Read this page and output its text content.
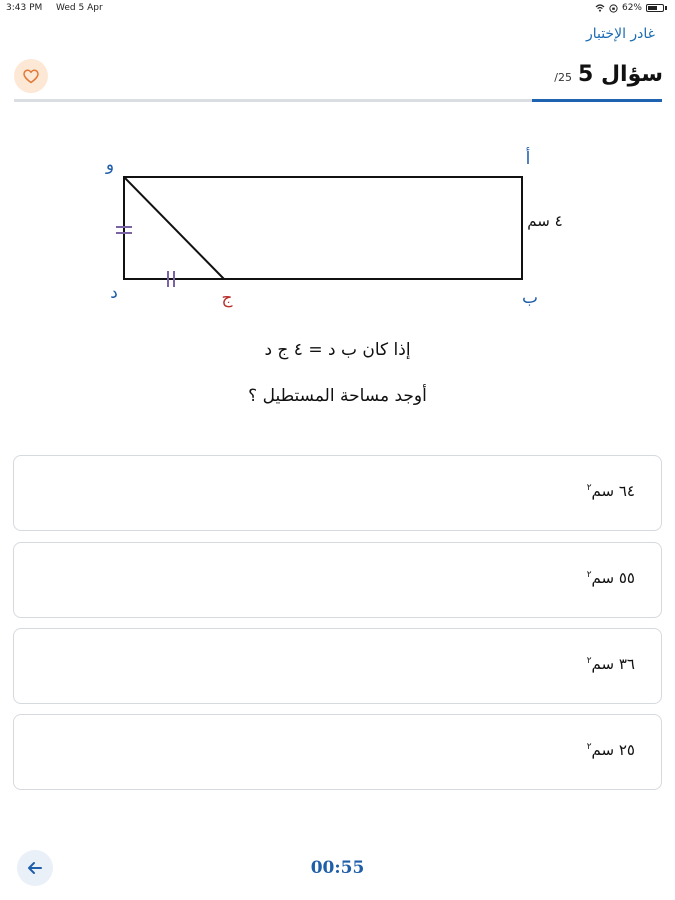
3:43 PM Wed 5 Apr	62%
غادر الإختبار
سؤال 5
/25
و	أ
د	ج	ب
٤ سم
إذا كان ب د = ٤ ج د
أوجد مساحة المستطيل ؟
٦٤ سم$^٢$
٥٥ سم$^٢$
٣٦ سم$^٢$
٢٥ سم$^٢$
00:55
